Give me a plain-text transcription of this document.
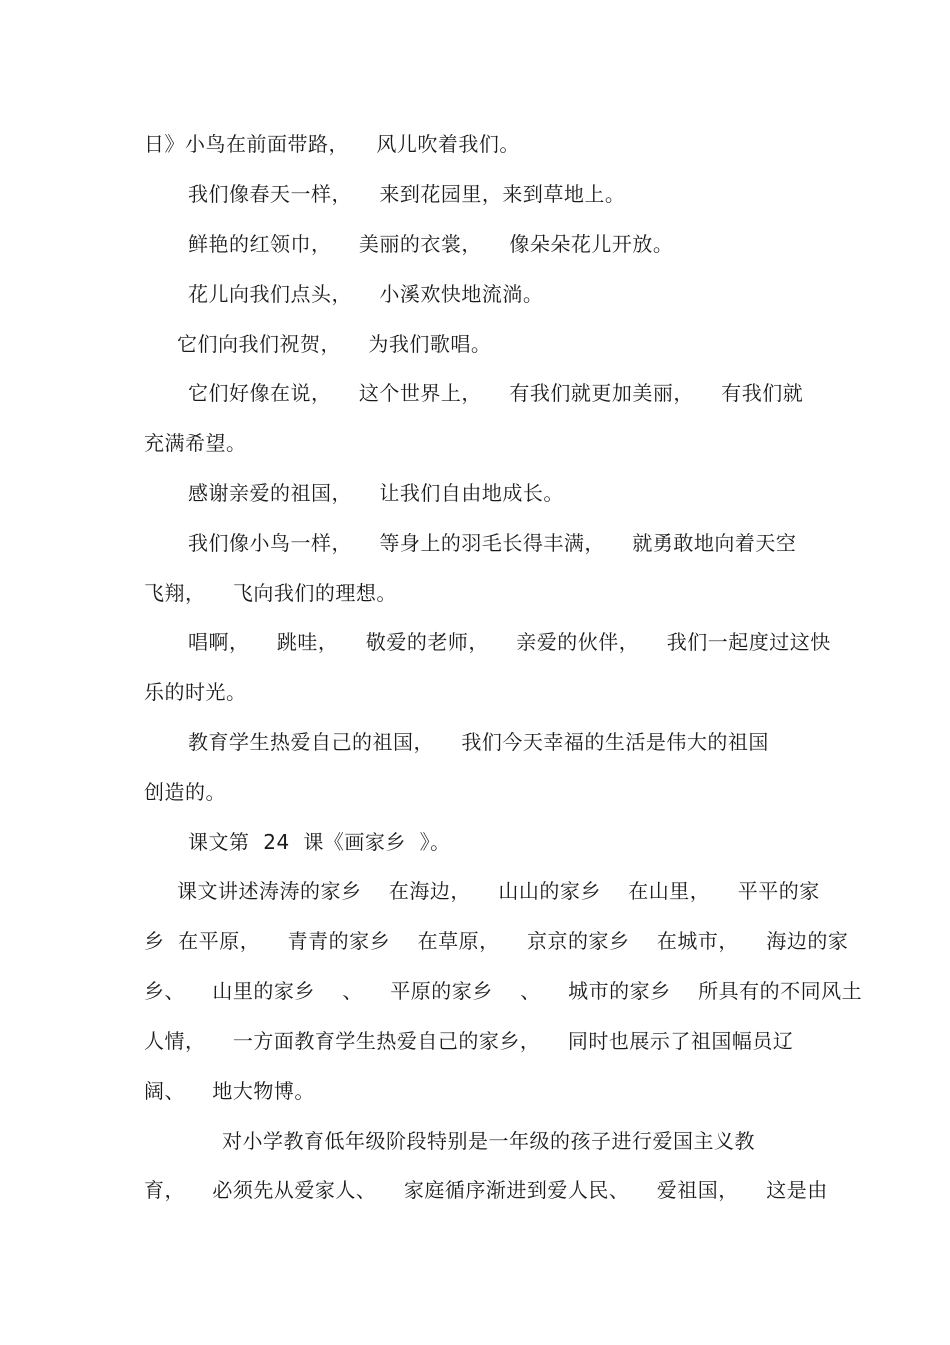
日》小鸟在前面带路，    风儿吹着我们。
我们像春天一样，    来到花园里，来到草地上。
鲜艳的红领巾，    美丽的衣裳，    像朵朵花儿开放。
花儿向我们点头，    小溪欢快地流淌。
它们向我们祝贺，    为我们歌唱。
它们好像在说，    这个世界上，    有我们就更加美丽，    有我们就
充满希望。
感谢亲爱的祖国，    让我们自由地成长。
我们像小鸟一样，    等身上的羽毛长得丰满，    就勇敢地向着天空
飞翔，    飞向我们的理想。
唱啊，    跳哇，    敬爱的老师，    亲爱的伙伴，    我们一起度过这快
乐的时光。
教育学生热爱自己的祖国，    我们今天幸福的生活是伟大的祖国
创造的。
课文第  24  课《画家乡  》。
课文讲述涛涛的家乡    在海边，    山山的家乡    在山里，    平平的家
乡  在平原，    青青的家乡    在草原，    京京的家乡    在城市，    海边的家
乡、    山里的家乡    、    平原的家乡    、    城市的家乡    所具有的不同风土
人情，    一方面教育学生热爱自己的家乡，    同时也展示了祖国幅员辽
阔、    地大物博。
对小学教育低年级阶段特别是一年级的孩子进行爱国主义教
育，    必须先从爱家人、    家庭循序渐进到爱人民、    爱祖国，    这是由
